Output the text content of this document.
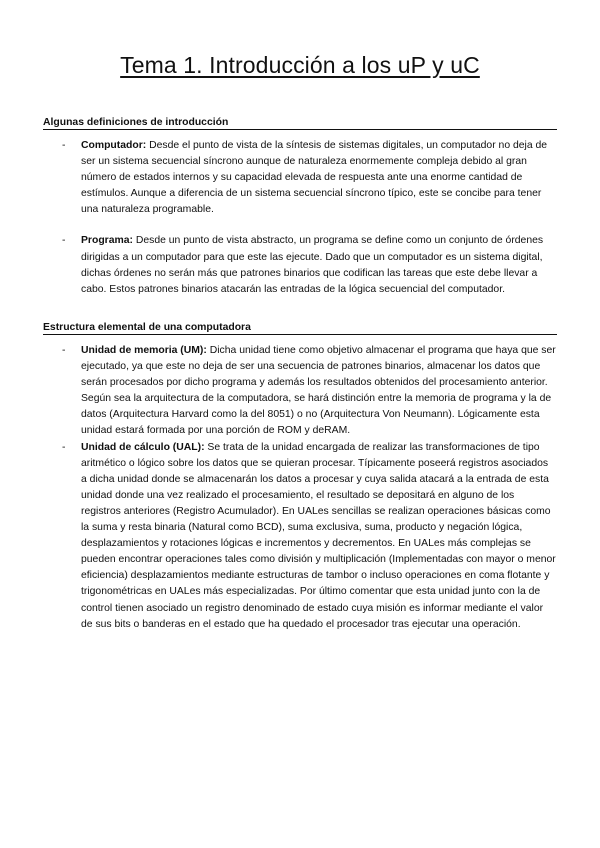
Tema 1. Introducción a los uP y uC
Algunas definiciones de introducción
- Computador: Desde el punto de vista de la síntesis de sistemas digitales, un computador no deja de ser un sistema secuencial síncrono aunque de naturaleza enormemente compleja debido al gran número de estados internos y su capacidad elevada de respuesta ante una enorme cantidad de estímulos. Aunque a diferencia de un sistema secuencial síncrono típico, este se concibe para tener una naturaleza programable.
- Programa: Desde un punto de vista abstracto, un programa se define como un conjunto de órdenes dirigidas a un computador para que este las ejecute. Dado que un computador es un sistema digital, dichas órdenes no serán más que patrones binarios que codifican las tareas que este debe llevar a cabo. Estos patrones binarios atacarán las entradas de la lógica secuencial del computador.
Estructura elemental de una computadora
- Unidad de memoria (UM): Dicha unidad tiene como objetivo almacenar el programa que haya que ser ejecutado, ya que este no deja de ser una secuencia de patrones binarios, almacenar los datos que serán procesados por dicho programa y además los resultados obtenidos del procesamiento anterior. Según sea la arquitectura de la computadora, se hará distinción entre la memoria de programa y la de datos (Arquitectura Harvard como la del 8051) o no (Arquitectura Von Neumann). Lógicamente esta unidad estará formada por una porción de ROM y deRAM.
- Unidad de cálculo (UAL): Se trata de la unidad encargada de realizar las transformaciones de tipo aritmético o lógico sobre los datos que se quieran procesar. Típicamente poseerá registros asociados a dicha unidad donde se almacenarán los datos a procesar y cuya salida atacará a la entrada de esta unidad donde una vez realizado el procesamiento, el resultado se depositará en alguno de los registros anteriores (Registro Acumulador). En UALes sencillas se realizan operaciones básicas como la suma y resta binaria (Natural como BCD), suma exclusiva, suma, producto y negación lógica, desplazamientos y rotaciones lógicas e incrementos y decrementos. En UALes más complejas se pueden encontrar operaciones tales como división y multiplicación (Implementadas con mayor o menor eficiencia) desplazamientos mediante estructuras de tambor o incluso operaciones en coma flotante y trigonométricas en UALes más especializadas. Por último comentar que esta unidad junto con la de control tienen asociado un registro denominado de estado cuya misión es informar mediante el valor de sus bits o banderas en el estado que ha quedado el procesador tras ejecutar una operación.
